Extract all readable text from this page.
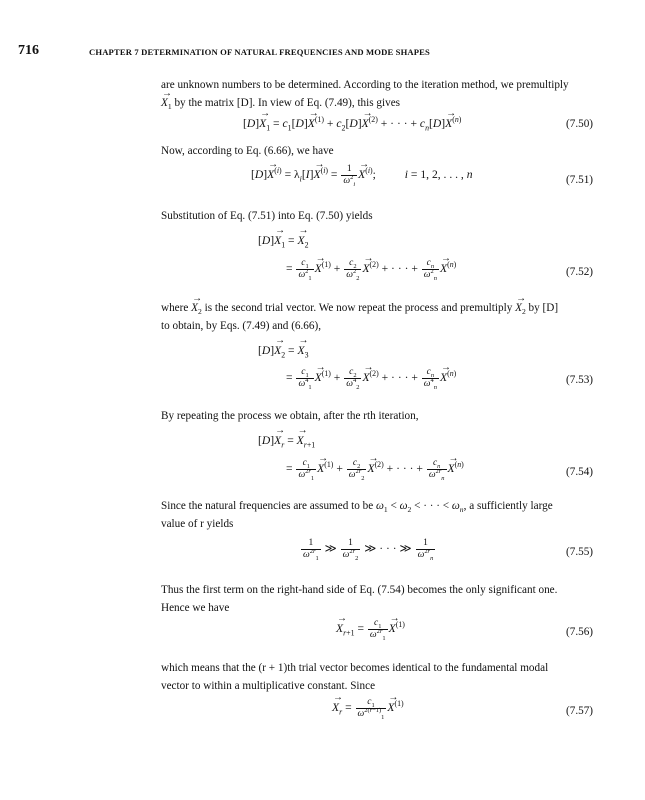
716	CHAPTER 7 DETERMINATION OF NATURAL FREQUENCIES AND MODE SHAPES
are unknown numbers to be determined. According to the iteration method, we premultiply
→ $X_1$ by the matrix [D]. In view of Eq. (7.49), this gives
$[D]\to X_1 = c_1[D]\to X^{(1)} + c_2[D]\to X^{(2)}$ + · · · + $c_n[D]\to X^{(n)}$	(7.50)
Now, according to Eq. (6.66), we have
$[D]\to X^{(i)} = \lambda_i[I]\to X^{(i)} = \frac{1}{\omega^2_i}$
→ $X^{(i)}$; i = 1, 2, . . . , n	(7.51)
Substitution of Eq. (7.51) into Eq. (7.50) yields
$[D]\to X_1$ = → $X_2$
= $\frac{c_1}{\omega^2_1}$
→ $X^{(1)} + \frac{c_2}{\omega^2_2}$
→ $X^{(2)}$ + · · · + $\frac{c_n}{\omega^2_n}$
→ $X^{(n)}$
(7.52)
where → $X_2$ is the second trial vector. We now repeat the process and premultiply → $X_2$ by [D]
to obtain, by Eqs. (7.49) and (6.66),
$[D]\to X_2$ = → $X_3$
= $\frac{c_1}{\omega^4_1}$
→ $X^{(1)} + \frac{c_2}{\omega^4_2}$
→ $X^{(2)}$ + · · · + $\frac{c_n}{\omega^4_n}$
→ $X^{(n)}$
(7.53)
By repeating the process we obtain, after the rth iteration,
$[D]\to X_r$ = → $X_{r+1}$
= $\frac{c_1}{\omega^{2r}_1}$
→ $X^{(1)} + \frac{c_2}{\omega^{2r}_2}$
→ $X^{(2)}$ + · · · + $\frac{c_n}{\omega^{2r}_n}$
→ $X^{(n)}$
(7.54)
Since the natural frequencies are assumed to be $\omega_1 < \omega_2$ < · · · < $\omega_n$, a sufficiently large
value of r yields
$\frac{1}{\omega^{2r}_1}$ ≫ $\frac{1}{\omega^{2r}_2}$ ≫ · · · ≫ $\frac{1}{\omega^{2r}_n}$	(7.55)
Thus the first term on the right-hand side of Eq. (7.54) becomes the only significant one.
Hence we have
→ $X_{r+1} = \frac{c_1}{\omega^{2r}_1}$
→ $X^{(1)}$
(7.56)
which means that the (r + 1)th trial vector becomes identical to the fundamental modal
vector to within a multiplicative constant. Since
→ $X_r = \frac{c_1}{\omega^{2(r-1)}_1}$
→ $X^{(1)}$
(7.57)
